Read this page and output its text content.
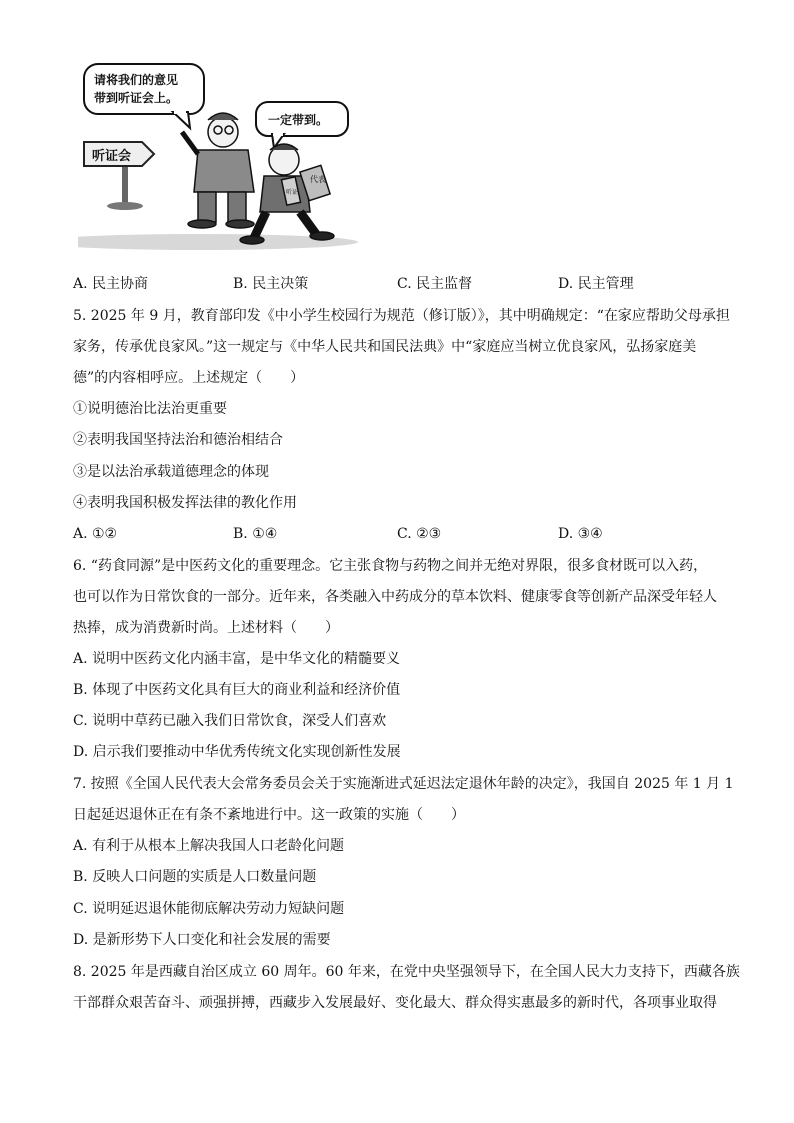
听证会
请将我们的意见
带到听证会上。
一定带到。
代表
听证
A. 民主协商	B. 民主决策	C. 民主监督	D. 民主管理
5. 2025 年 9 月，教育部印发《中小学生校园行为规范（修订版）》，其中明确规定：“在家应帮助父母承担
家务，传承优良家风。”这一规定与《中华人民共和国民法典》中“家庭应当树立优良家风，弘扬家庭美
德”的内容相呼应。上述规定（　　）
①说明德治比法治更重要
②表明我国坚持法治和德治相结合
③是以法治承载道德理念的体现
④表明我国积极发挥法律的教化作用
A. ①②	B. ①④	C. ②③	D. ③④
6. “药食同源”是中医药文化的重要理念。它主张食物与药物之间并无绝对界限，很多食材既可以入药，
也可以作为日常饮食的一部分。近年来，各类融入中药成分的草本饮料、健康零食等创新产品深受年轻人
热捧，成为消费新时尚。上述材料（　　）
A. 说明中医药文化内涵丰富，是中华文化的精髓要义
B. 体现了中医药文化具有巨大的商业利益和经济价值
C. 说明中草药已融入我们日常饮食，深受人们喜欢
D. 启示我们要推动中华优秀传统文化实现创新性发展
7. 按照《全国人民代表大会常务委员会关于实施渐进式延迟法定退休年龄的决定》，我国自 2025 年 1 月 1
日起延迟退休正在有条不紊地进行中。这一政策的实施（　　）
A. 有利于从根本上解决我国人口老龄化问题
B. 反映人口问题的实质是人口数量问题
C. 说明延迟退休能彻底解决劳动力短缺问题
D. 是新形势下人口变化和社会发展的需要
8. 2025 年是西藏自治区成立 60 周年。60 年来，在党中央坚强领导下，在全国人民大力支持下，西藏各族
干部群众艰苦奋斗、顽强拼搏，西藏步入发展最好、变化最大、群众得实惠最多的新时代，各项事业取得
